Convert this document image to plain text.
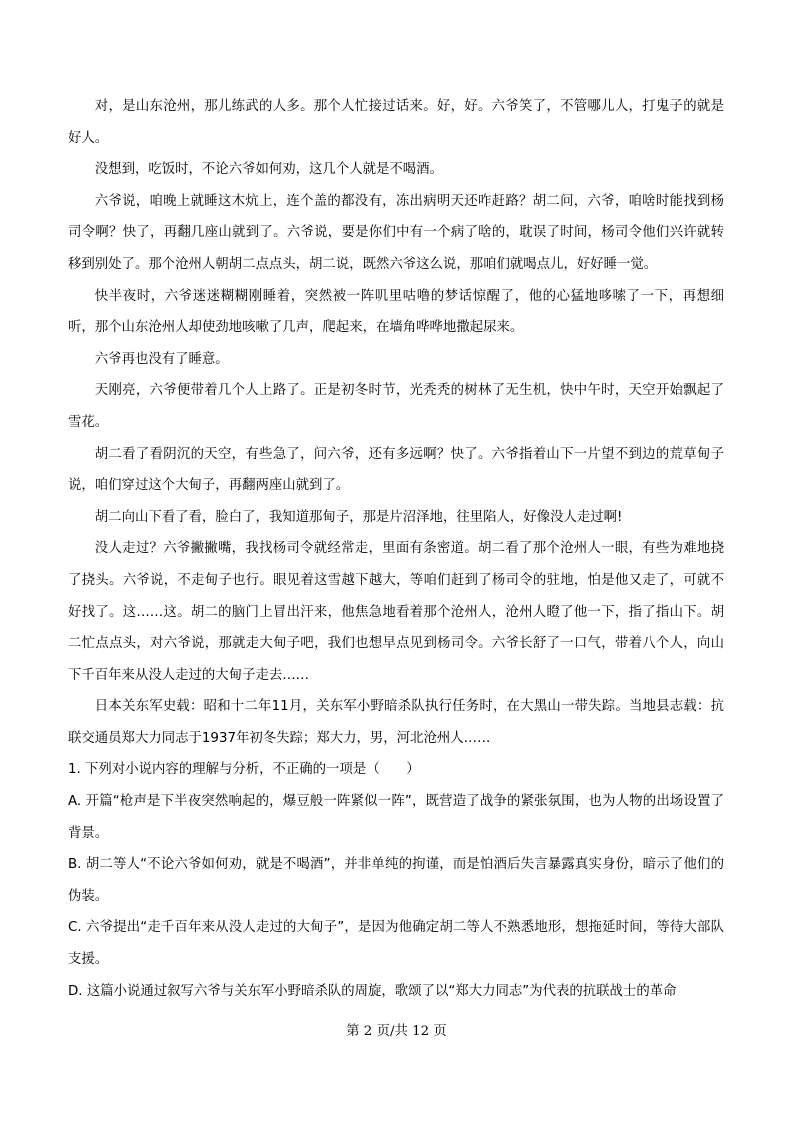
对，是山东沧州，那儿练武的人多。那个人忙接过话来。好，好。六爷笑了，不管哪儿人，打鬼子的就是好人。

没想到，吃饭时，不论六爷如何劝，这几个人就是不喝酒。

六爷说，咱晚上就睡这木炕上，连个盖的都没有，冻出病明天还咋赶路？胡二问，六爷，咱啥时能找到杨司令啊？快了，再翻几座山就到了。六爷说，要是你们中有一个病了啥的，耽误了时间，杨司令他们兴许就转移到别处了。那个沧州人朝胡二点点头，胡二说，既然六爷这么说，那咱们就喝点儿，好好睡一觉。

快半夜时，六爷迷迷糊糊刚睡着，突然被一阵叽里咕噜的梦话惊醒了，他的心猛地哆嗦了一下，再想细听，那个山东沧州人却使劲地咳嗽了几声，爬起来，在墙角哗哗地撒起尿来。

六爷再也没有了睡意。

天刚亮，六爷便带着几个人上路了。正是初冬时节，光秃秃的树林了无生机，快中午时，天空开始飘起了雪花。

胡二看了看阴沉的天空，有些急了，问六爷，还有多远啊？快了。六爷指着山下一片望不到边的荒草甸子说，咱们穿过这个大甸子，再翻两座山就到了。

胡二向山下看了看，脸白了，我知道那甸子，那是片沼泽地，往里陷人，好像没人走过啊!

没人走过？六爷撇撇嘴，我找杨司令就经常走，里面有条密道。胡二看了那个沧州人一眼，有些为难地挠了挠头。六爷说，不走甸子也行。眼见着这雪越下越大，等咱们赶到了杨司令的驻地，怕是他又走了，可就不好找了。这……这。胡二的脑门上冒出汗来，他焦急地看着那个沧州人，沧州人瞪了他一下，指了指山下。胡二忙点点头，对六爷说，那就走大甸子吧，我们也想早点见到杨司令。六爷长舒了一口气，带着八个人，向山下千百年来从没人走过的大甸子走去……

日本关东军史载：昭和十二年11月，关东军小野暗杀队执行任务时，在大黑山一带失踪。当地县志载：抗联交通员郑大力同志于1937年初冬失踪；郑大力，男，河北沧州人……

1. 下列对小说内容的理解与分析，不正确的一项是（　　）

A. 开篇“枪声是下半夜突然响起的，爆豆般一阵紧似一阵”，既营造了战争的紧张氛围，也为人物的出场设置了背景。

B. 胡二等人“不论六爷如何劝，就是不喝酒”，并非单纯的拘谨，而是怕酒后失言暴露真实身份，暗示了他们的伪装。

C. 六爷提出“走千百年来从没人走过的大甸子”，是因为他确定胡二等人不熟悉地形，想拖延时间，等待大部队支援。

D. 这篇小说通过叙写六爷与关东军小野暗杀队的周旋，歌颂了以“郑大力同志”为代表的抗联战士的革命

第 2 页/共 12 页
